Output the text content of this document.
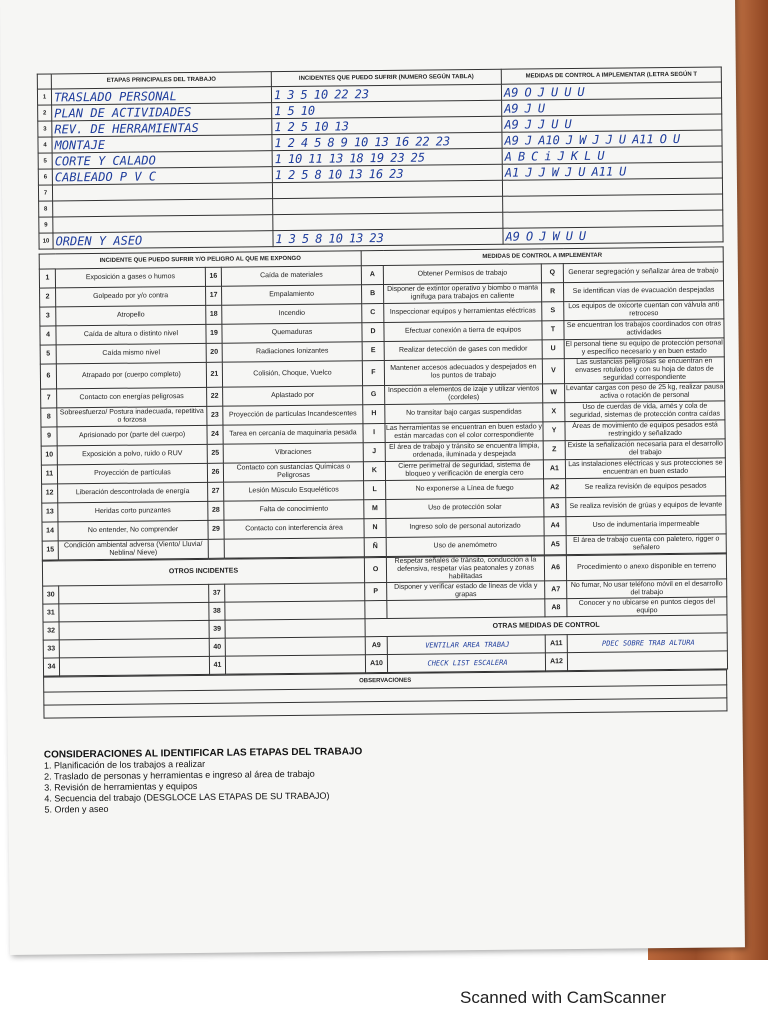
	ETAPAS PRINCIPALES DEL TRABAJO	INCIDENTES QUE PUEDO SUFRIR (NUMERO SEGÚN TABLA)	MEDIDAS DE CONTROL A IMPLEMENTAR (LETRA SEGÚN T
1	TRASLADO PERSONAL	1 3 5 10 22 23	A9 O J U U U
2	PLAN DE ACTIVIDADES	1 5 10	A9 J U
3	REV. DE HERRAMIENTAS	1 2 5 10 13	A9 J J U U
4	MONTAJE	1 2 4 5 8 9 10 13 16 22 23	A9 J A10 J W J J U A11 O U
5	CORTE Y CALADO	1 10 11 13 18 19 23 25	A B C i J K L U
6	CABLEADO P V C	1 2 5 8 10 13 16 23	A1 J J W J U A11 U
7			
8			
9			
10	ORDEN Y ASEO	1 3 5 8 10 13 23	A9 O J W U U
INCIDENTE QUE PUEDO SUFRIR Y/O PELIGRO AL QUE ME EXPONGO				MEDIDAS DE CONTROL A IMPLEMENTAR			
1	Exposición a gases o humos	16	Caída de materiales	A	Obtener Permisos de trabajo	Q	Generar segregación y señalizar área de trabajo
2	Golpeado por y/o contra	17	Empalamiento	B	Disponer de extintor operativo y biombo o manta ignífuga para trabajos en caliente	R	Se identifican vías de evacuación despejadas
3	Atropello	18	Incendio	C	Inspeccionar equipos y herramientas eléctricas	S	Los equipos de oxicorte cuentan con válvula anti retroceso
4	Caída de altura o distinto nivel	19	Quemaduras	D	Efectuar conexión a tierra de equipos	T	Se encuentran los trabajos coordinados con otras actividades
5	Caída mismo nivel	20	Radiaciones Ionizantes	E	Realizar detección de gases con medidor	U	El personal tiene su equipo de protección personal y específico necesario y en buen estado
6	Atrapado por (cuerpo completo)	21	Colisión, Choque, Vuelco	F	Mantener accesos adecuados y despejados en los puntos de trabajo	V	Las sustancias peligrosas se encuentran en envases rotulados y con su hoja de datos de seguridad correspondiente
7	Contacto con energías peligrosas	22	Aplastado por	G	Inspección a elementos de izaje y utilizar vientos (cordeles)	W	Levantar cargas con peso de 25 kg, realizar pausa activa o rotación de personal
8	Sobreesfuerzo/ Postura inadecuada, repetitiva o forzosa	23	Proyección de partículas Incandescentes	H	No transitar bajo cargas suspendidas	X	Uso de cuerdas de vida, arnés y cola de seguridad, sistemas de protección contra caídas
9	Aprisionado por (parte del cuerpo)	24	Tarea en cercanía de maquinaria pesada	I	Las herramientas se encuentran en buen estado y están marcadas con el color correspondiente	Y	Áreas de movimiento de equipos pesados está restringido y señalizado
10	Exposición a polvo, ruido o RUV	25	Vibraciones	J	El área de trabajo y tránsito se encuentra limpia, ordenada, iluminada y despejada	Z	Existe la señalización necesaria para el desarrollo del trabajo
11	Proyección de partículas	26	Contacto con sustancias Químicas o Peligrosas	K	Cierre perimetral de seguridad, sistema de bloqueo y verificación de energía cero	A1	Las instalaciones eléctricas y sus protecciones se encuentran en buen estado
12	Liberación descontrolada de energía	27	Lesión Músculo Esqueléticos	L	No exponerse a Línea de fuego	A2	Se realiza revisión de equipos pesados
13	Heridas corto punzantes	28	Falta de conocimiento	M	Uso de protección solar	A3	Se realiza revisión de grúas y equipos de levante
14	No entender, No comprender	29	Contacto con interferencia área	N	Ingreso solo de personal autorizado	A4	Uso de indumentaria impermeable
15	Condición ambiental adversa (Viento/ Lluvia/ Neblina/ Nieve)			Ñ	Uso de anemómetro	A5	El área de trabajo cuenta con paletero, rigger o señalero
OTROS INCIDENTES				O	Respetar señales de tránsito, conducción a la defensiva, respetar vías peatonales y zonas habilitadas	A6	Procedimiento o anexo disponible en terreno
30		37		P	Disponer y verificar estado de líneas de vida y grapas	A7	No fumar, No usar teléfono móvil en el desarrollo del trabajo
31		38				A8	Conocer y no ubicarse en puntos ciegos del equipo
32		39		OTRAS MEDIDAS DE CONTROL			
33		40		A9	VENTILAR AREA TRABAJ	A11	PDEC SOBRE TRAB ALTURA
34		41		A10	CHECK LIST ESCALERA	A12	
OBSERVACIONES

CONSIDERACIONES AL IDENTIFICAR LAS ETAPAS DEL TRABAJO
1. Planificación de los trabajos a realizar
2. Traslado de personas y herramientas e ingreso al área de trabajo
3. Revisión de herramientas y equipos
4. Secuencia del trabajo (DESGLOCE LAS ETAPAS DE SU TRABAJO)
5. Orden y aseo
Scanned with CamScanner
